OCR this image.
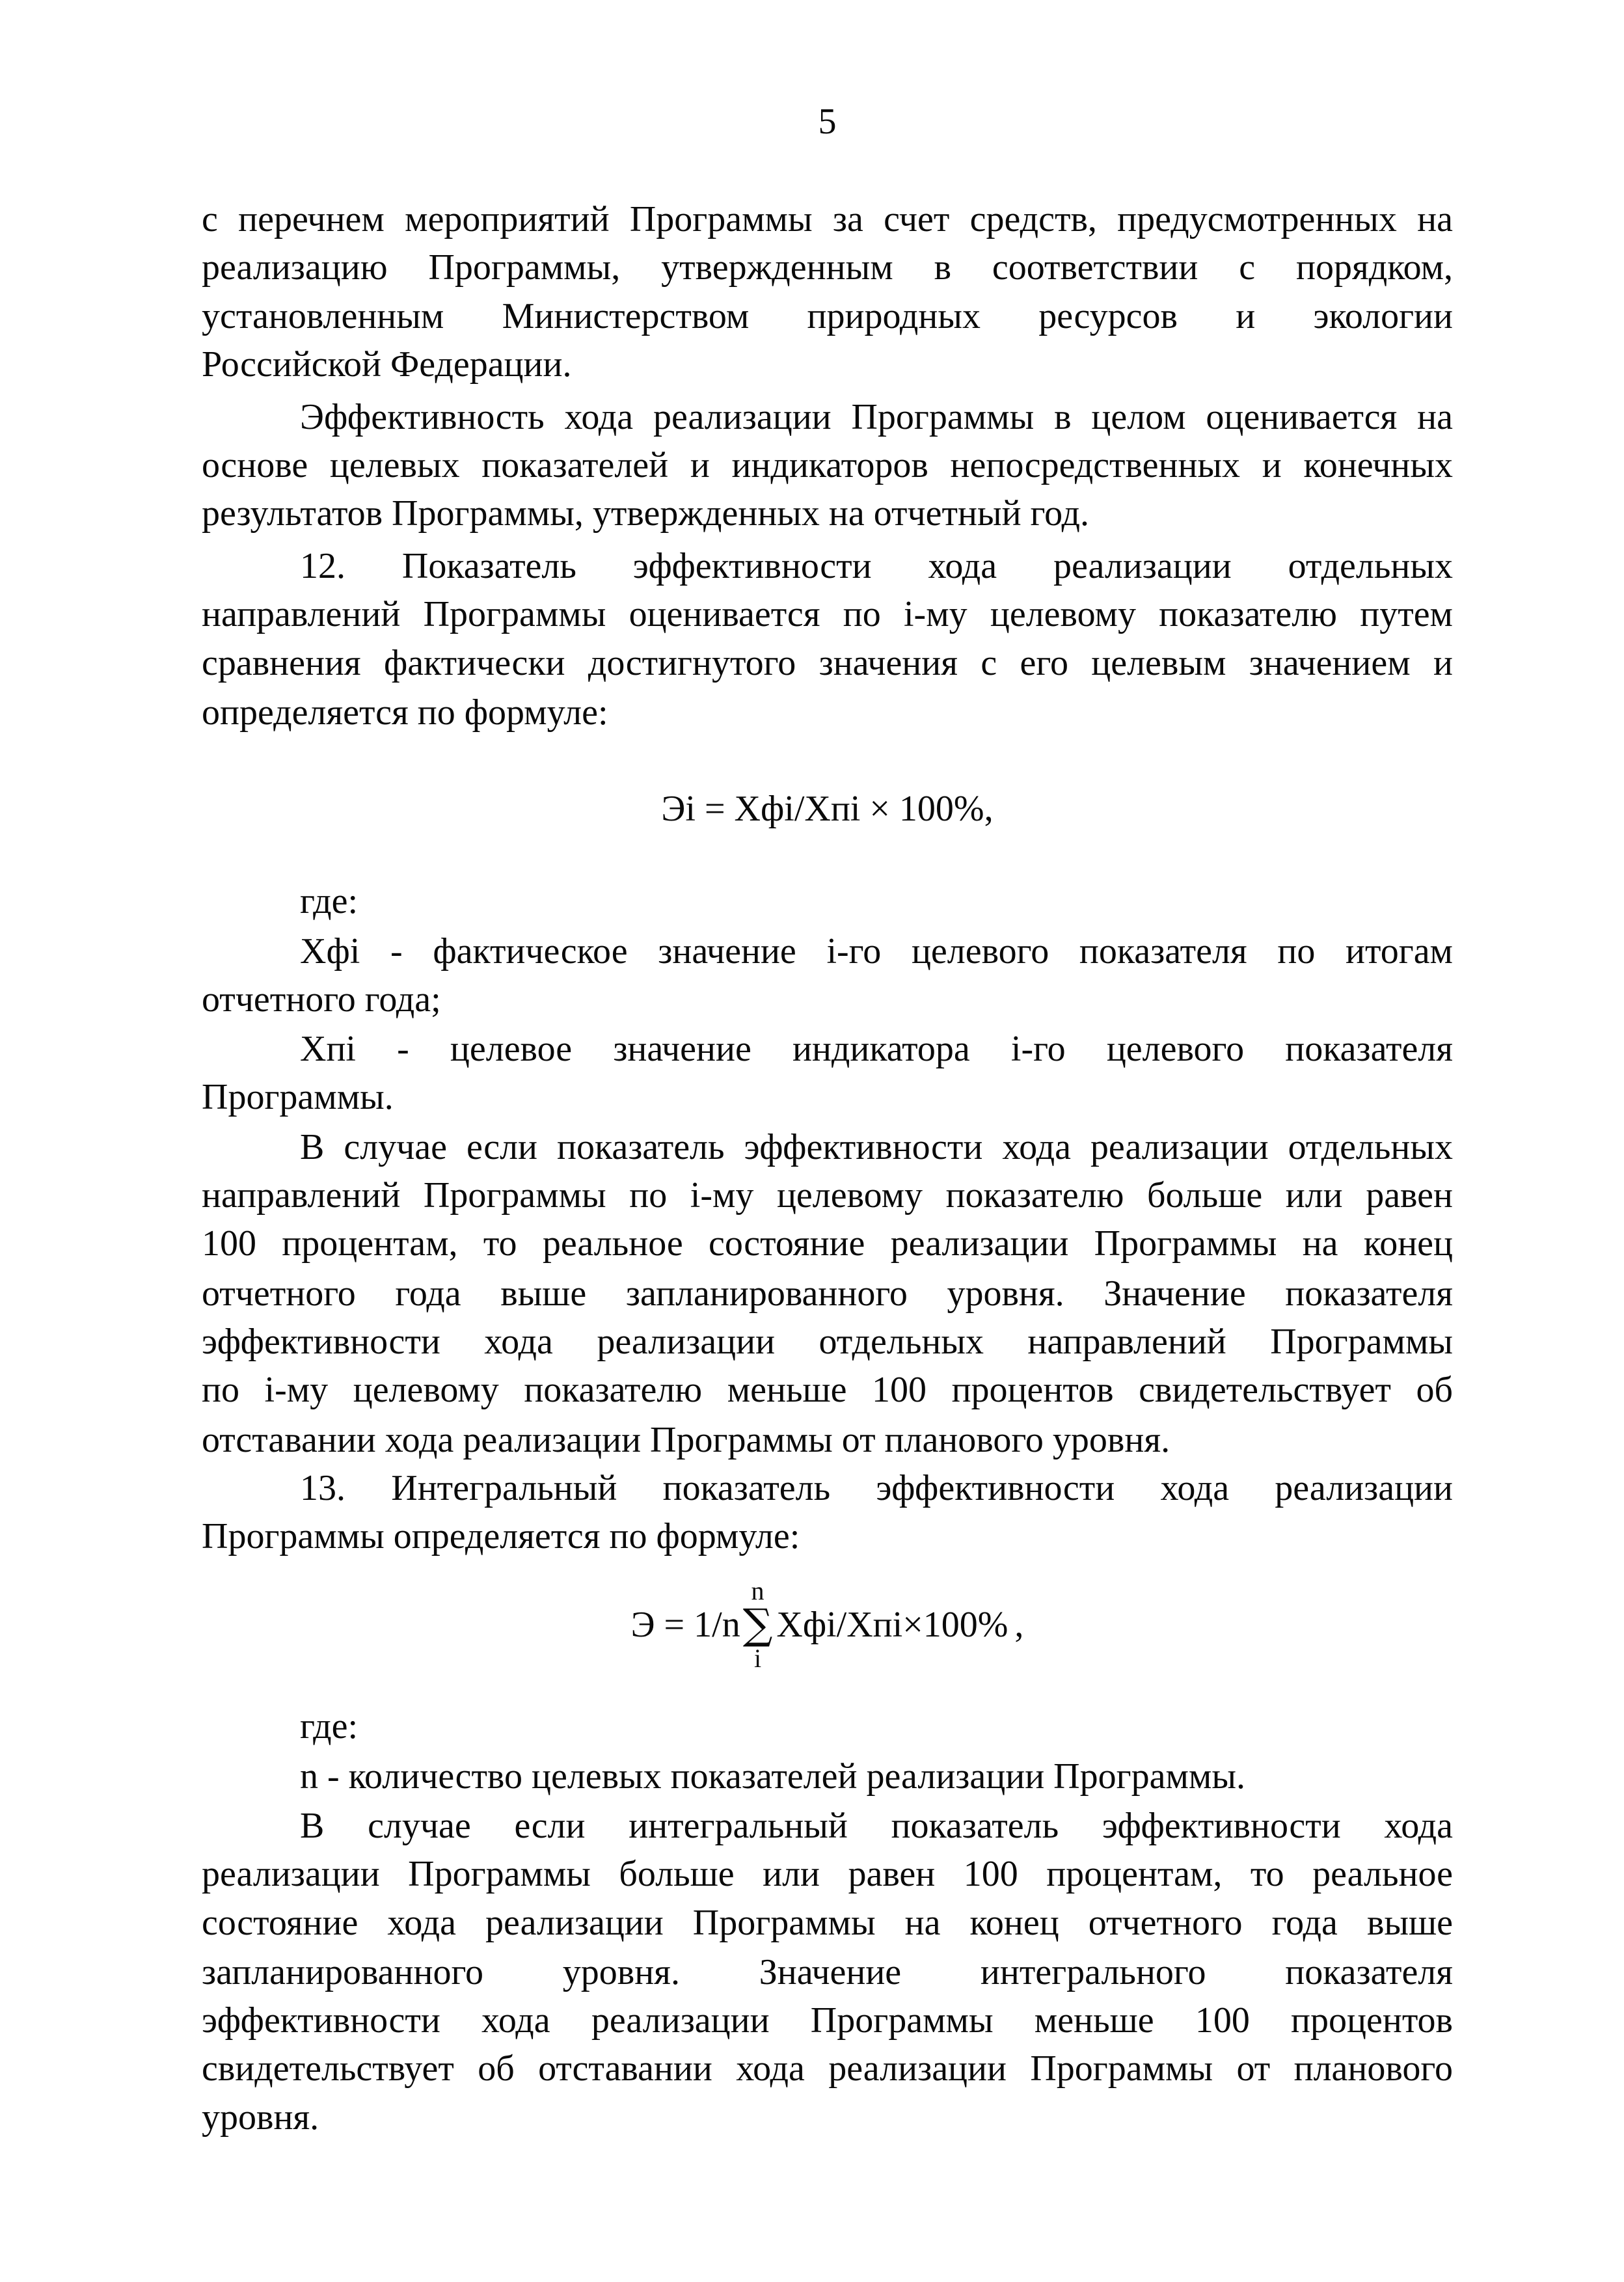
5
с перечнем мероприятий Программы за счет средств, предусмотренных на
реализацию Программы, утвержденным в соответствии с порядком,
установленным Министерством природных ресурсов и экологии
Российской Федерации.
Эффективность хода реализации Программы в целом оценивается на
основе целевых показателей и индикаторов непосредственных и конечных
результатов Программы, утвержденных на отчетный год.
12. Показатель эффективности хода реализации отдельных
направлений Программы оценивается по i-му целевому показателю путем
сравнения фактически достигнутого значения с его целевым значением и
определяется по формуле:
Эi = Хфi/Хпi × 100%,
где:
Хфi - фактическое значение i-го целевого показателя по итогам
отчетного года;
Хпi - целевое значение индикатора i-го целевого показателя
Программы.
В случае если показатель эффективности хода реализации отдельных
направлений Программы по i-му целевому показателю больше или равен
100 процентам, то реальное состояние реализации Программы на конец
отчетного года выше запланированного уровня. Значение показателя
эффективности хода реализации отдельных направлений Программы
по i-му целевому показателю меньше 100 процентов свидетельствует об
отставании хода реализации Программы от планового уровня.
13. Интегральный показатель эффективности хода реализации
Программы определяется по формуле:
Э = 1/n
n
∑
i
Хфi/Хпi×100% ,
где:
n - количество целевых показателей реализации Программы.
В случае если интегральный показатель эффективности хода
реализации Программы больше или равен 100 процентам, то реальное
состояние хода реализации Программы на конец отчетного года выше
запланированного уровня. Значение интегрального показателя
эффективности хода реализации Программы меньше 100 процентов
свидетельствует об отставании хода реализации Программы от планового
уровня.
